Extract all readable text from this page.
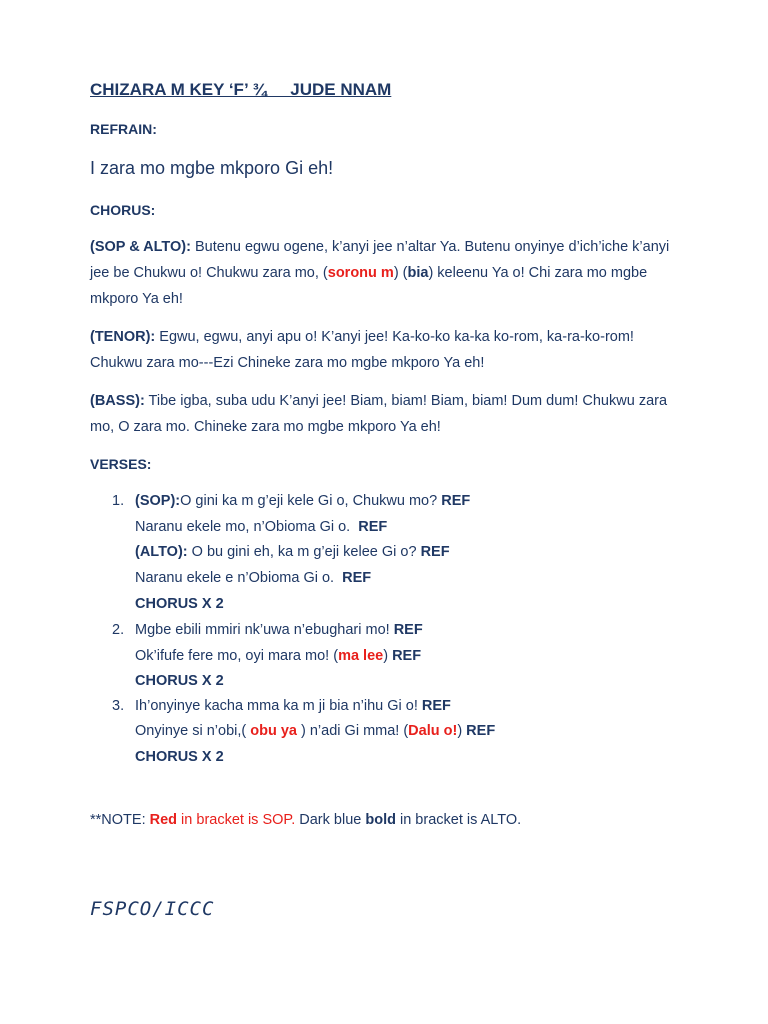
CHIZARA M KEY ‘F’ ¾     JUDE NNAM
REFRAIN:
I zara mo mgbe mkporo Gi eh!
CHORUS:
(SOP & ALTO): Butenu egwu ogene, k’anyi jee n’altar Ya. Butenu onyinye d’ich’iche k’anyi jee be Chukwu o! Chukwu zara mo, (soronu m) (bia) keleenu Ya o! Chi zara mo mgbe mkporo Ya eh!
(TENOR): Egwu, egwu, anyi apu o! K’anyi jee! Ka-ko-ko ka-ka ko-rom, ka-ra-ko-rom! Chukwu zara mo---Ezi Chineke zara mo mgbe mkporo Ya eh!
(BASS): Tibe igba, suba udu K’anyi jee! Biam, biam! Biam, biam! Dum dum! Chukwu zara mo, O zara mo. Chineke zara mo mgbe mkporo Ya eh!
VERSES:
1. (SOP):O gini ka m g’eji kele Gi o, Chukwu mo? REF
Naranu ekele mo, n’Obioma Gi o.  REF
(ALTO): O bu gini eh, ka m g’eji kelee Gi o? REF
Naranu ekele e n’Obioma Gi o.  REF
CHORUS X 2
2. Mgbe ebili mmiri nk’uwa n’ebughari mo! REF
Ok’ifufe fere mo, oyi mara mo! (ma lee) REF
CHORUS X 2
3. Ih’onyinye kacha mma ka m ji bia n’ihu Gi o! REF
Onyinye si n’obi,( obu ya ) n’adi Gi mma! (Dalu o!) REF
CHORUS X 2
**NOTE: Red in bracket is SOP. Dark blue bold in bracket is ALTO.
FSPCO/ICCC
